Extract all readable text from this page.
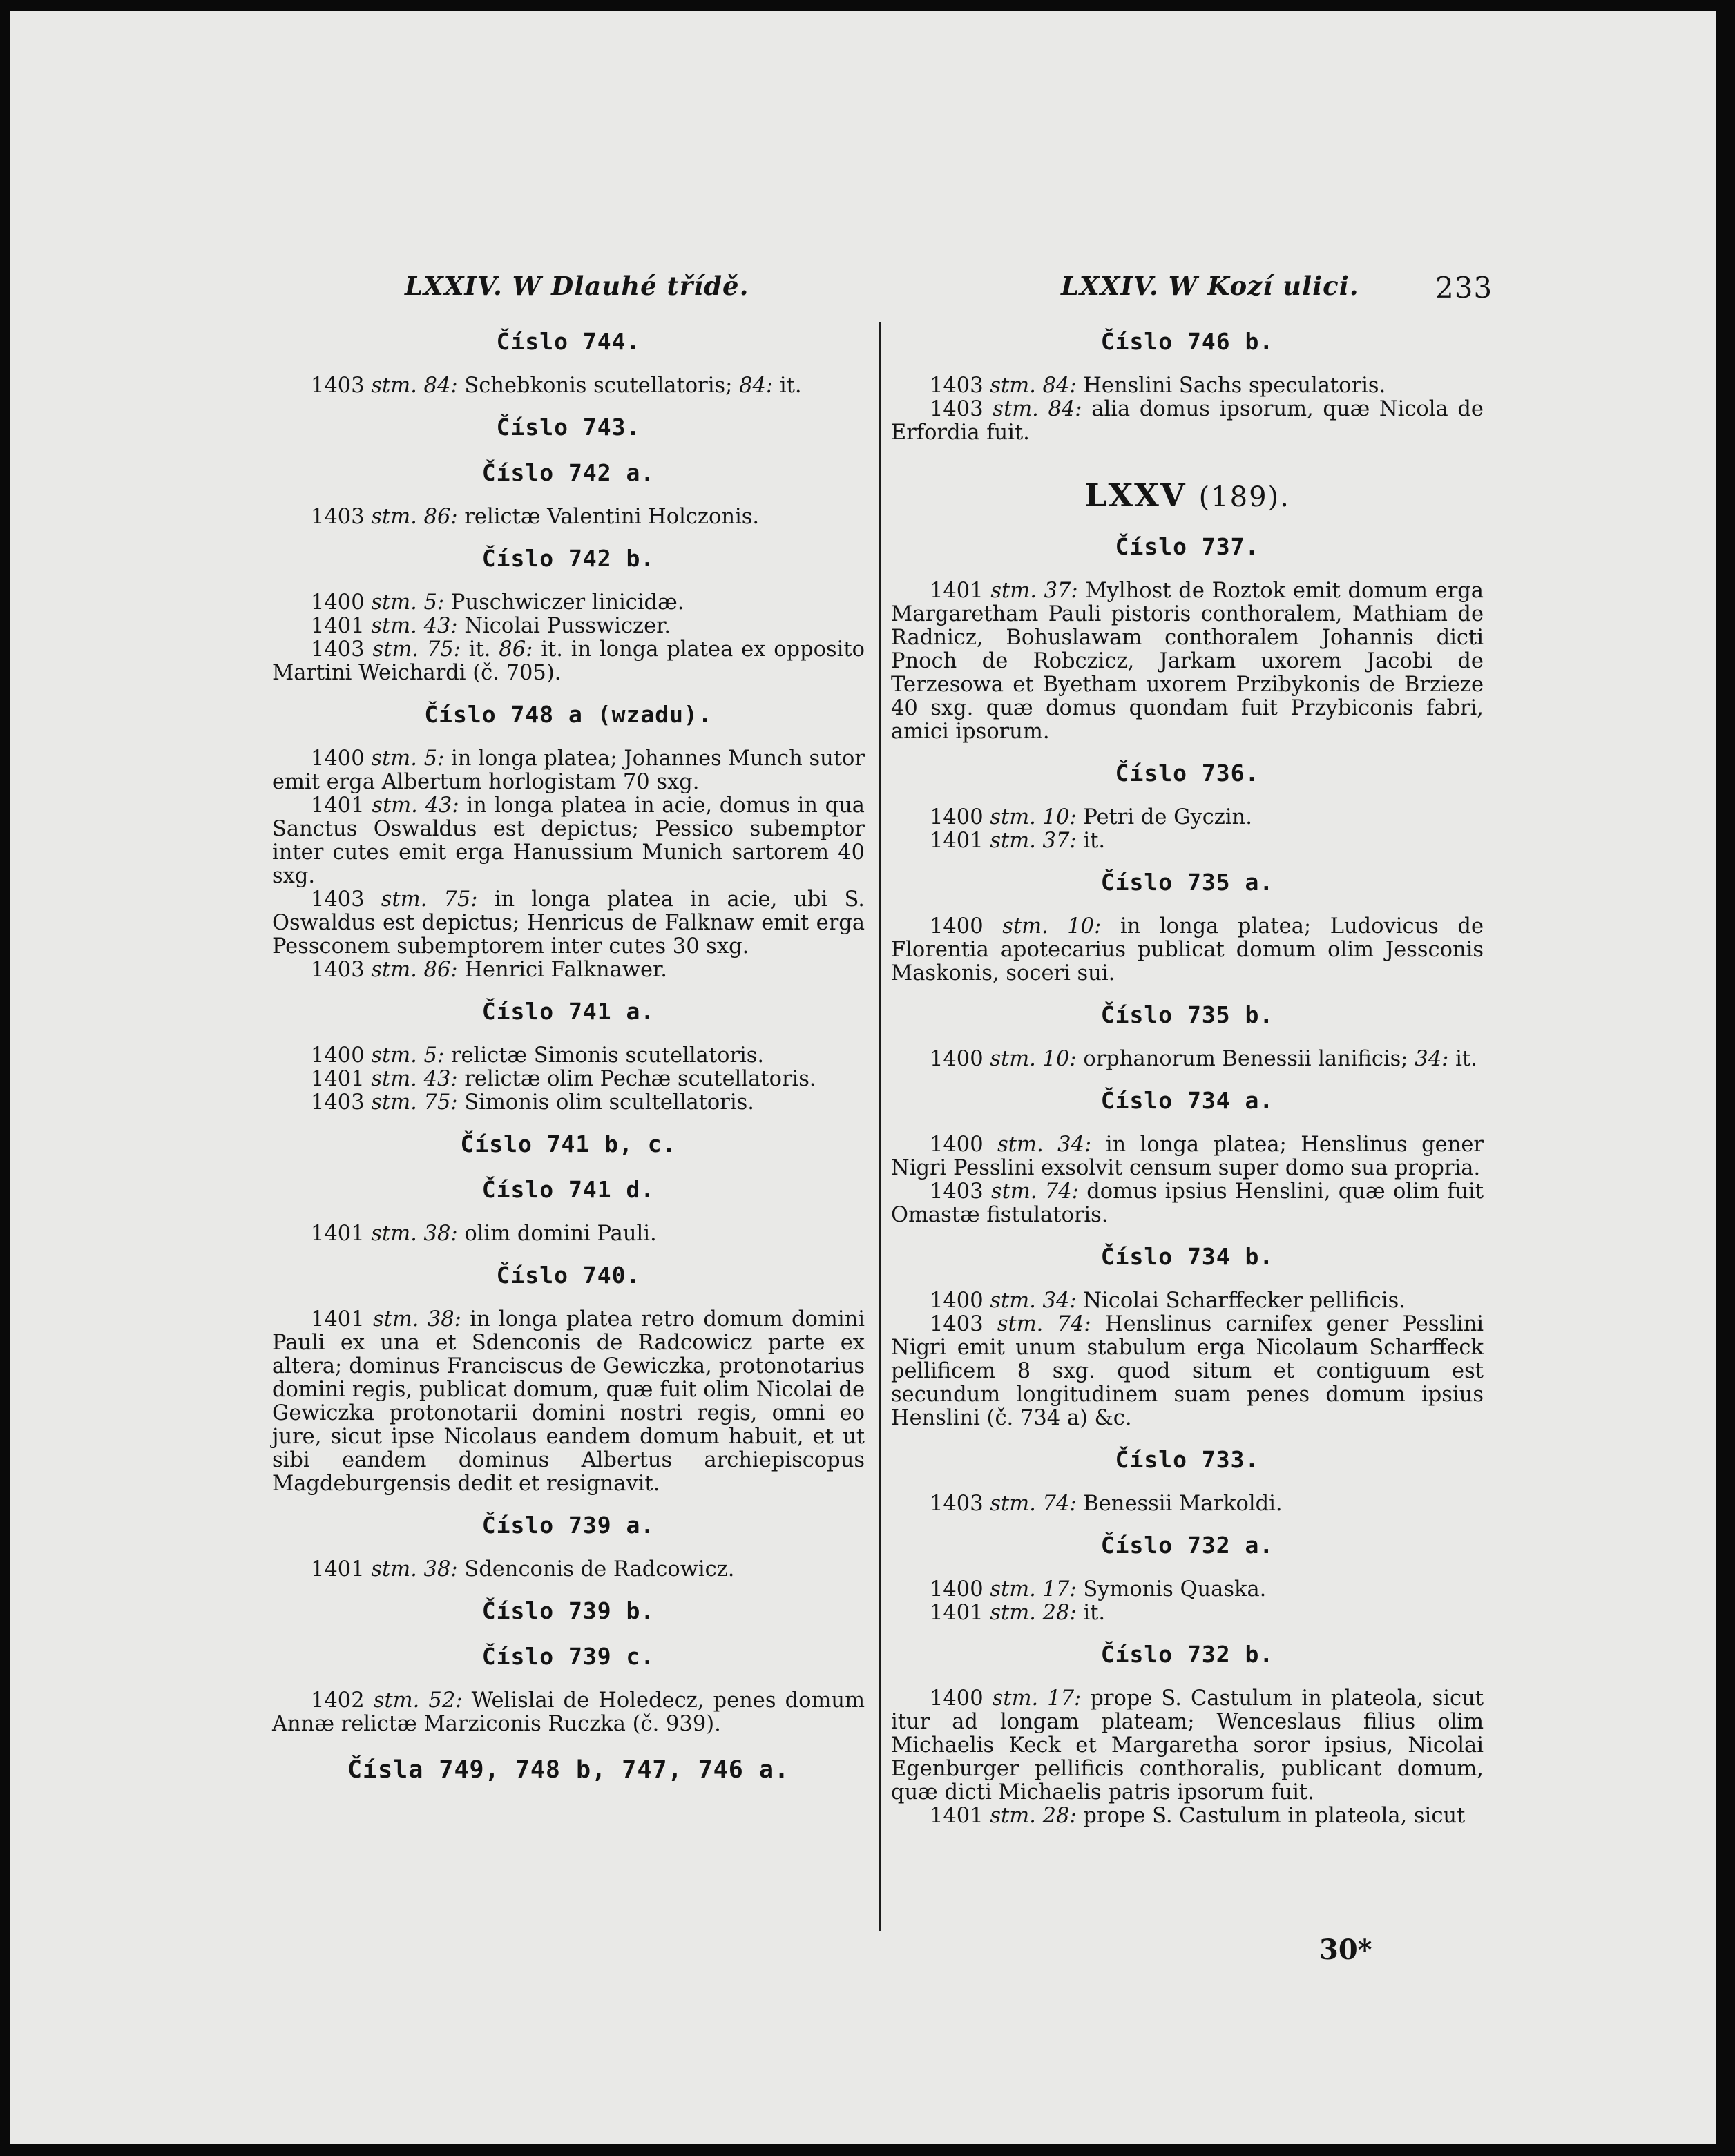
LXXIV. W Dlauhé třídě.	LXXIV. W Kozí ulici.	233
Číslo 744.

1403 stm. 84: Schebkonis scutellatoris; 84: it.

Číslo 743.
Číslo 742 a.

1403 stm. 86: relictæ Valentini Holczonis.

Číslo 742 b.

1400 stm. 5: Puschwiczer linicidæ.

1401 stm. 43: Nicolai Pusswiczer.

1403 stm. 75: it. 86: it. in longa platea ex opposito Martini Weichardi (č. 705).

Číslo 748 a (wzadu).

1400 stm. 5: in longa platea; Johannes Munch sutor emit erga Albertum horlogistam 70 sxg.

1401 stm. 43: in longa platea in acie, domus in qua Sanctus Oswaldus est depictus; Pessico subemptor inter cutes emit erga Hanussium Munich sartorem 40 sxg.

1403 stm. 75: in longa platea in acie, ubi S. Oswaldus est depictus; Henricus de Falknaw emit erga Pessconem subemptorem inter cutes 30 sxg.

1403 stm. 86: Henrici Falknawer.

Číslo 741 a.

1400 stm. 5: relictæ Simonis scutellatoris.

1401 stm. 43: relictæ olim Pechæ scutellatoris.

1403 stm. 75: Simonis olim scultellatoris.

Číslo 741 b, c.
Číslo 741 d.

1401 stm. 38: olim domini Pauli.

Číslo 740.

1401 stm. 38: in longa platea retro domum domini Pauli ex una et Sdenconis de Radcowicz parte ex altera; dominus Franciscus de Gewiczka, protonotarius domini regis, publicat domum, quæ fuit olim Nicolai de Gewiczka protonotarii domini nostri regis, omni eo jure, sicut ipse Nicolaus eandem domum habuit, et ut sibi eandem dominus Albertus archiepiscopus Magdeburgensis dedit et resignavit.

Číslo 739 a.

1401 stm. 38: Sdenconis de Radcowicz.

Číslo 739 b.
Číslo 739 c.

1402 stm. 52: Welislai de Holedecz, penes domum Annæ relictæ Marziconis Ruczka (č. 939).

Čísla 749, 748 b, 747, 746 a.
Číslo 746 b.

1403 stm. 84: Henslini Sachs speculatoris.

1403 stm. 84: alia domus ipsorum, quæ Nicola de Erfordia fuit.

LXXV (189).
Číslo 737.

1401 stm. 37: Mylhost de Roztok emit domum erga Margaretham Pauli pistoris conthoralem, Mathiam de Radnicz, Bohuslawam conthoralem Johannis dicti Pnoch de Robczicz, Jarkam uxorem Jacobi de Terzesowa et Byetham uxorem Przibykonis de Brzieze 40 sxg. quæ domus quondam fuit Przybiconis fabri, amici ipsorum.

Číslo 736.

1400 stm. 10: Petri de Gyczin.

1401 stm. 37: it.

Číslo 735 a.

1400 stm. 10: in longa platea; Ludovicus de Florentia apotecarius publicat domum olim Jessconis Maskonis, soceri sui.

Číslo 735 b.

1400 stm. 10: orphanorum Benessii lanificis; 34: it.

Číslo 734 a.

1400 stm. 34: in longa platea; Henslinus gener Nigri Pesslini exsolvit censum super domo sua propria.

1403 stm. 74: domus ipsius Henslini, quæ olim fuit Omastæ fistulatoris.

Číslo 734 b.

1400 stm. 34: Nicolai Scharffecker pellificis.

1403 stm. 74: Henslinus carnifex gener Pesslini Nigri emit unum stabulum erga Nicolaum Scharffeck pellificem 8 sxg. quod situm et contiguum est secundum longitudinem suam penes domum ipsius Henslini (č. 734 a) &c.

Číslo 733.

1403 stm. 74: Benessii Markoldi.

Číslo 732 a.

1400 stm. 17: Symonis Quaska.

1401 stm. 28: it.

Číslo 732 b.

1400 stm. 17: prope S. Castulum in plateola, sicut itur ad longam plateam; Wenceslaus filius olim Michaelis Keck et Margaretha soror ipsius, Nicolai Egenburger pellificis conthoralis, publicant domum, quæ dicti Michaelis patris ipsorum fuit.

1401 stm. 28: prope S. Castulum in plateola, sicut

30*
